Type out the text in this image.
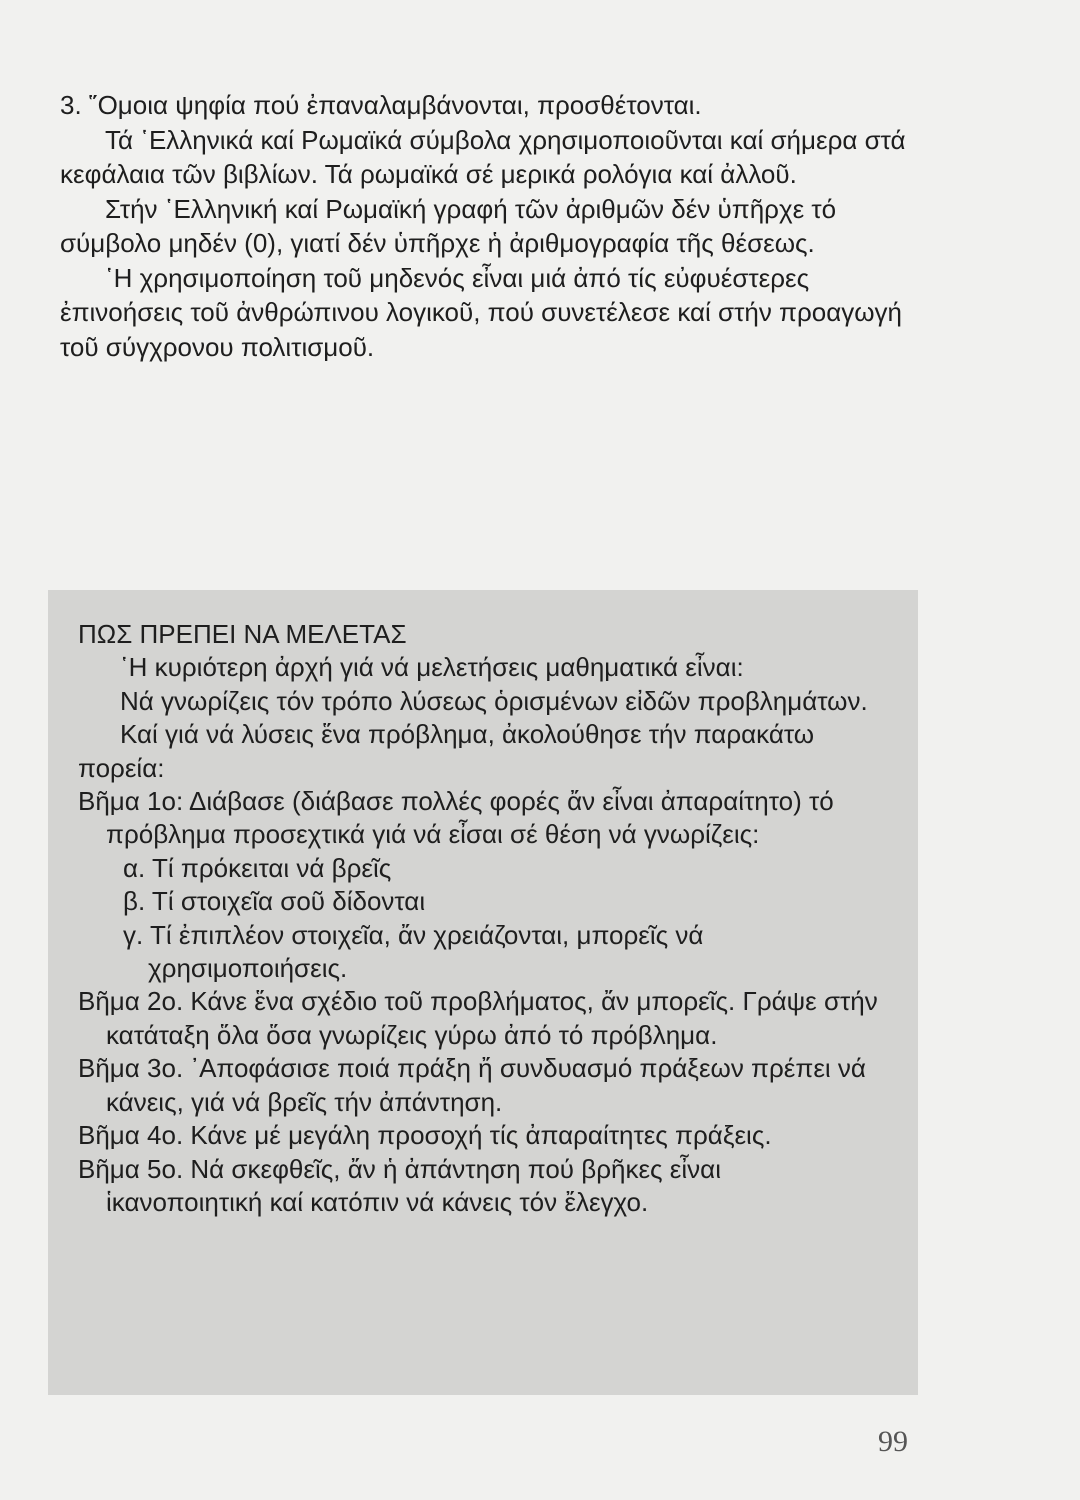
3. ῞Ομοια ψηφία πού ἐπαναλαμβάνονται, προσθέτονται.

Τά ῾Ελληνικά καί Ρωμαϊκά σύμβολα χρησιμοποιοῦνται καί σήμερα στά κεφάλαια τῶν βιβλίων. Τά ρωμαϊκά σέ μερικά ρολόγια καί ἀλλοῦ.

Στήν ῾Ελληνική καί Ρωμαϊκή γραφή τῶν ἀριθμῶν δέν ὑπῆρχε τό σύμβολο μηδέν (0), γιατί δέν ὑπῆρχε ἡ ἀριθμογραφία τῆς θέσεως.

῾Η χρησιμοποίηση τοῦ μηδενός εἶναι μιά ἀπό τίς εὐφυέστερες ἐπινοήσεις τοῦ ἀνθρώπινου λογικοῦ, πού συνετέλεσε καί στήν προαγωγή τοῦ σύγχρονου πολιτισμοῦ.

ΠΩΣ ΠΡΕΠΕΙ ΝΑ ΜΕΛΕΤΑΣ

῾Η κυριότερη ἀρχή γιά νά μελετήσεις μαθηματικά εἶναι:

Νά γνωρίζεις τόν τρόπο λύσεως ὁρισμένων εἰδῶν προβλημάτων.

Καί γιά νά λύσεις ἕνα πρόβλημα, ἀκολούθησε τήν παρακάτω πορεία:

Βῆμα 1ο: Διάβασε (διάβασε πολλές φορές ἄν εἶναι ἀπαραίτητο) τό πρόβλημα προσεχτικά γιά νά εἶσαι σέ θέση νά γνωρίζεις:

α. Τί πρόκειται νά βρεῖς

β. Τί στοιχεῖα σοῦ δίδονται

γ. Τί ἐπιπλέον στοιχεῖα, ἄν χρειάζονται, μπορεῖς νά χρησιμοποιήσεις.

Βῆμα 2ο. Κάνε ἕνα σχέδιο τοῦ προβλήματος, ἄν μπορεῖς. Γράψε στήν κατάταξη ὅλα ὅσα γνωρίζεις γύρω ἀπό τό πρόβλημα.

Βῆμα 3ο. ᾿Αποφάσισε ποιά πράξη ἤ συνδυασμό πράξεων πρέπει νά κάνεις, γιά νά βρεῖς τήν ἀπάντηση.

Βῆμα 4ο. Κάνε μέ μεγάλη προσοχή τίς ἀπαραίτητες πράξεις.

Βῆμα 5ο. Νά σκεφθεῖς, ἄν ἡ ἀπάντηση πού βρῆκες εἶναι ἱκανοποιητική καί κατόπιν νά κάνεις τόν ἔλεγχο.

99
